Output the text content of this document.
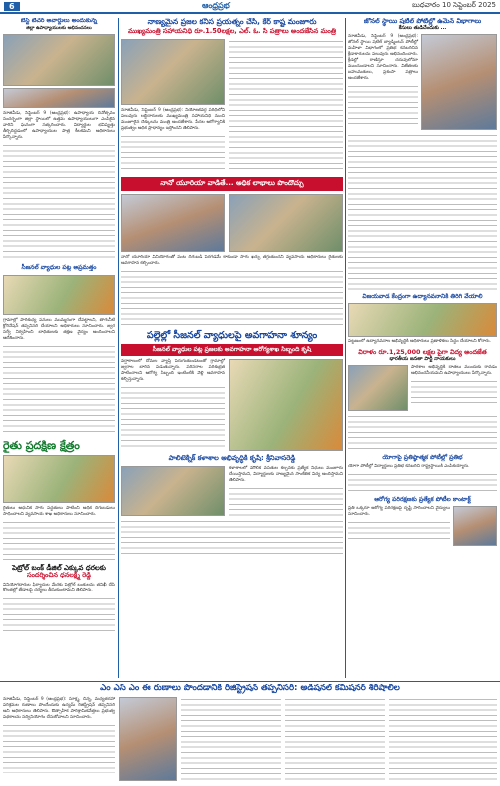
6	ఆంధ్రప్రభ	బుధవారం 10 సెప్టెంబర్ 2025
బెస్ట్ టీచర్ అవార్డులు అందుకున్న
జిల్లా ఉపాధ్యాయులకు అభినందనలు
నూజివీడు, సెప్టెంబర్ 9 (ఆంధ్రప్రభ): ఉపాధ్యాయ దినోత్సవం సందర్భంగా జిల్లా స్థాయిలో ఉత్తమ ఉపాధ్యాయులుగా ఎంపికైన వారిని ఘనంగా సత్కరించారు. విద్యార్థుల భవిష్యత్తు తీర్చిదిద్దడంలో ఉపాధ్యాయుల పాత్ర కీలకమని అధికారులు పేర్కొన్నారు.
సీజనల్ వ్యాధుల పట్ల అప్రమత్తం
గ్రామాల్లో పారిశుధ్య పనులు ముమ్మరంగా చేపట్టాలని, తాగునీటి క్లోరినేషన్ తప్పనిసరి చేయాలని అధికారులు సూచించారు. జ్వర సర్వే నిర్వహించి బాధితులకు తక్షణ వైద్యం అందించాలని ఆదేశించారు.
రైతు ప్రదక్షిణ క్షేత్రం
రైతులు ఆధునిక సాగు పద్ధతులు పాటించి అధిక దిగుబడులు సాధించాలని వ్యవసాయ శాఖ అధికారులు సూచించారు.
పెట్రోల్ బంక్ డీజిల్ ఎక్కువ ధరలకు
సందర్శించిన ధనలక్ష్మి రెడ్డి
వినియోగదారుల ఫిర్యాదుల మేరకు పెట్రోల్ బంకులను తనిఖీ చేసి కొలతల్లో తేడాలపై చర్యలు తీసుకుంటామని తెలిపారు.
నాణ్యమైన ప్రజల కనీస ప్రయత్నం చేసి, కేర్ కాష్ట మంజూరు
ముఖ్యమంత్రి సహాయనిధి రూ.1.50లక్షల, ఎల్. ఓ. సి పత్రాలు అందజేసిన మంత్రి
నూజివీడు, సెప్టెంబర్ 9 (ఆంధ్రప్రభ): నియోజకవర్గ పరిధిలోని పలువురు లబ్ధిదారులకు ముఖ్యమంత్రి సహాయనిధి నుంచి మంజూరైన చెక్కులను మంత్రి అందజేశారు. పేదల ఆరోగ్యానికి ప్రభుత్వం అధిక ప్రాధాన్యం ఇస్తోందని తెలిపారు.
నానో యూరియా వాడితే... అధిక లాభాలు పొందొచ్చు
నానో యూరియా వినియోగంతో పంట దిగుబడి పెరగడమే కాకుండా సాగు ఖర్చు తగ్గుతుందని వ్యవసాయ అధికారులు రైతులకు అవగాహన కల్పించారు.
పల్లెల్లో సీజనల్ వ్యాధులపై అవగాహనా శూన్యం
సీజనల్ వ్యాధుల పట్ల ప్రజలకు అవగాహనా ఆరోగ్యశాఖ సిబ్బంది కృషి
వర్షాకాలంలో దోమల వ్యాప్తి పెరుగుతుండటంతో గ్రామాల్లో జ్వరాల బారిన పడుతున్నారు. పరిసరాల పరిశుభ్రత పాటించాలని ఆరోగ్య సిబ్బంది ఇంటింటికి వెళ్లి అవగాహన కల్పిస్తున్నారు.
పాలిటెక్నిక్ కళాశాల అభివృద్ధికి కృషి: శ్రీనివాసరెడ్డి
కళాశాలలో మౌలిక వసతుల కల్పనకు ప్రత్యేక నిధులు మంజూరు చేయిస్తామని, విద్యార్థులకు నాణ్యమైన సాంకేతిక విద్య అందిస్తామని తెలిపారు.
జోనల్ స్థాయి షటిల్ పోటీల్లో ఉమెన్ విభాగాలు
కేసులు తుడిచేందుకు ...
నూజివీడు, సెప్టెంబర్ 9 (ఆంధ్రప్రభ): జోనల్ స్థాయి షటిల్ బ్యాడ్మింటన్ పోటీల్లో మహిళా విభాగంలో ప్రతిభ కనబరిచిన క్రీడాకారులను పలువురు అభినందించారు. క్రీడల్లో రాణిస్తూ చదువులోనూ ముందుండాలని సూచించారు. విజేతలకు బహుమతులు, ప్రశంసా పత్రాలు అందజేశారు.
విజయవాడ కేంద్రంగా ఉద్యానవనానికి తిరిగి వేయాలి
పట్టణంలో ఉద్యానవనాల అభివృద్ధికి అధికారులు ప్రణాళికలు సిద్ధం చేయాలని కోరారు.
విరాళం రూ.1,25,000 లక్షల పైగా విద్య అందజేత
భారతీయ జనతా పార్టీ నాయకులు
పాఠశాల అభివృద్ధికి దాతలు ముందుకు రావడం అభినందనీయమని ఉపాధ్యాయులు పేర్కొన్నారు.
యోగాపై ప్రతిష్ఠాత్మక పోటీల్లో ప్రతిభ
యోగా పోటీల్లో విద్యార్థులు ప్రతిభ కనబరిచి రాష్ట్రస్థాయికి ఎంపికయ్యారు.
ఆరోగ్య పరిరక్షణకు ప్రత్యేక పోటీల కాంటాక్ట్
ప్రతి ఒక్కరూ ఆరోగ్య పరిరక్షణపై దృష్టి సారించాలని వైద్యులు సూచించారు.
ఎం ఎస్ ఎం ఈ రుణాలు పొందడానికి రిజిస్ట్రేషన్ తప్పనిసరి: అడిషనల్ కమిషనర్ శిరీషాలీల
నూజివీడు, సెప్టెంబర్ 9 (ఆంధ్రప్రభ): సూక్ష్మ, చిన్న, మధ్యతరహా పరిశ్రమల రుణాలు పొందేందుకు ఉద్యమ్ రిజిస్ట్రేషన్ తప్పనిసరి అని అధికారులు తెలిపారు. ఔత్సాహిక పారిశ్రామికవేత్తలు ప్రభుత్వ పథకాలను సద్వినియోగం చేసుకోవాలని సూచించారు.
